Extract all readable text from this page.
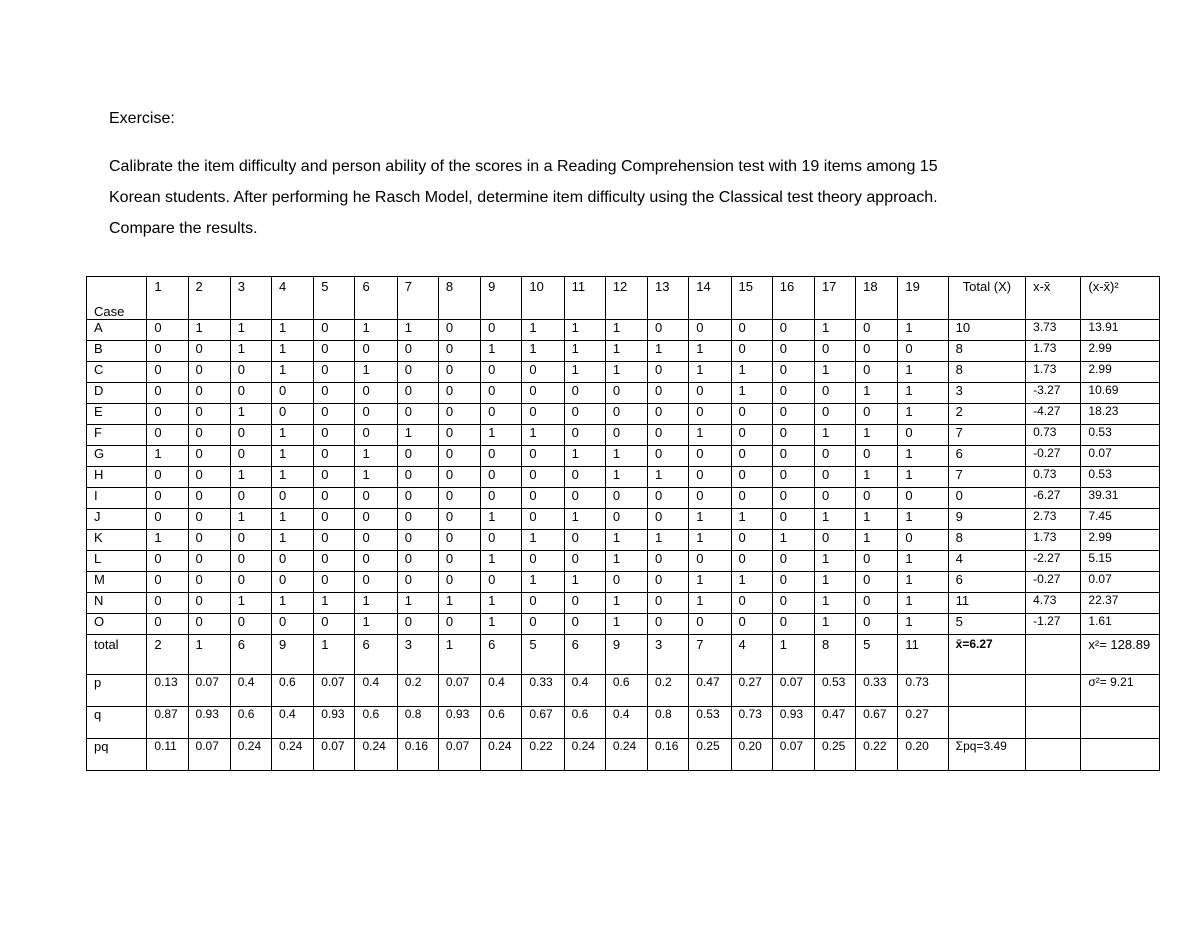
Exercise:
Calibrate the item difficulty and person ability of the scores in a Reading Comprehension test with 19 items among 15
Korean students. After performing he Rasch Model, determine item difficulty using the Classical test theory approach.
Compare the results.
Case	1	2	3	4	5	6	7	8	9	10	11	12	13	14	15	16	17	18	19	Total (X)	x-x̄	(x-x̄)²
A	0	1	1	1	0	1	1	0	0	1	1	1	0	0	0	0	1	0	1	10	3.73	13.91
B	0	0	1	1	0	0	0	0	1	1	1	1	1	1	0	0	0	0	0	8	1.73	2.99
C	0	0	0	1	0	1	0	0	0	0	1	1	0	1	1	0	1	0	1	8	1.73	2.99
D	0	0	0	0	0	0	0	0	0	0	0	0	0	0	1	0	0	1	1	3	-3.27	10.69
E	0	0	1	0	0	0	0	0	0	0	0	0	0	0	0	0	0	0	1	2	-4.27	18.23
F	0	0	0	1	0	0	1	0	1	1	0	0	0	1	0	0	1	1	0	7	0.73	0.53
G	1	0	0	1	0	1	0	0	0	0	1	1	0	0	0	0	0	0	1	6	-0.27	0.07
H	0	0	1	1	0	1	0	0	0	0	0	1	1	0	0	0	0	1	1	7	0.73	0.53
I	0	0	0	0	0	0	0	0	0	0	0	0	0	0	0	0	0	0	0	0	-6.27	39.31
J	0	0	1	1	0	0	0	0	1	0	1	0	0	1	1	0	1	1	1	9	2.73	7.45
K	1	0	0	1	0	0	0	0	0	1	0	1	1	1	0	1	0	1	0	8	1.73	2.99
L	0	0	0	0	0	0	0	0	1	0	0	1	0	0	0	0	1	0	1	4	-2.27	5.15
M	0	0	0	0	0	0	0	0	0	1	1	0	0	1	1	0	1	0	1	6	-0.27	0.07
N	0	0	1	1	1	1	1	1	1	0	0	1	0	1	0	0	1	0	1	11	4.73	22.37
O	0	0	0	0	0	1	0	0	1	0	0	1	0	0	0	0	1	0	1	5	-1.27	1.61
total	2	1	6	9	1	6	3	1	6	5	6	9	3	7	4	1	8	5	11	x̄=6.27		x²= 128.89
p	0.13	0.07	0.4	0.6	0.07	0.4	0.2	0.07	0.4	0.33	0.4	0.6	0.2	0.47	0.27	0.07	0.53	0.33	0.73			σ²= 9.21
q	0.87	0.93	0.6	0.4	0.93	0.6	0.8	0.93	0.6	0.67	0.6	0.4	0.8	0.53	0.73	0.93	0.47	0.67	0.27			
pq	0.11	0.07	0.24	0.24	0.07	0.24	0.16	0.07	0.24	0.22	0.24	0.24	0.16	0.25	0.20	0.07	0.25	0.22	0.20	Σpq=3.49		
